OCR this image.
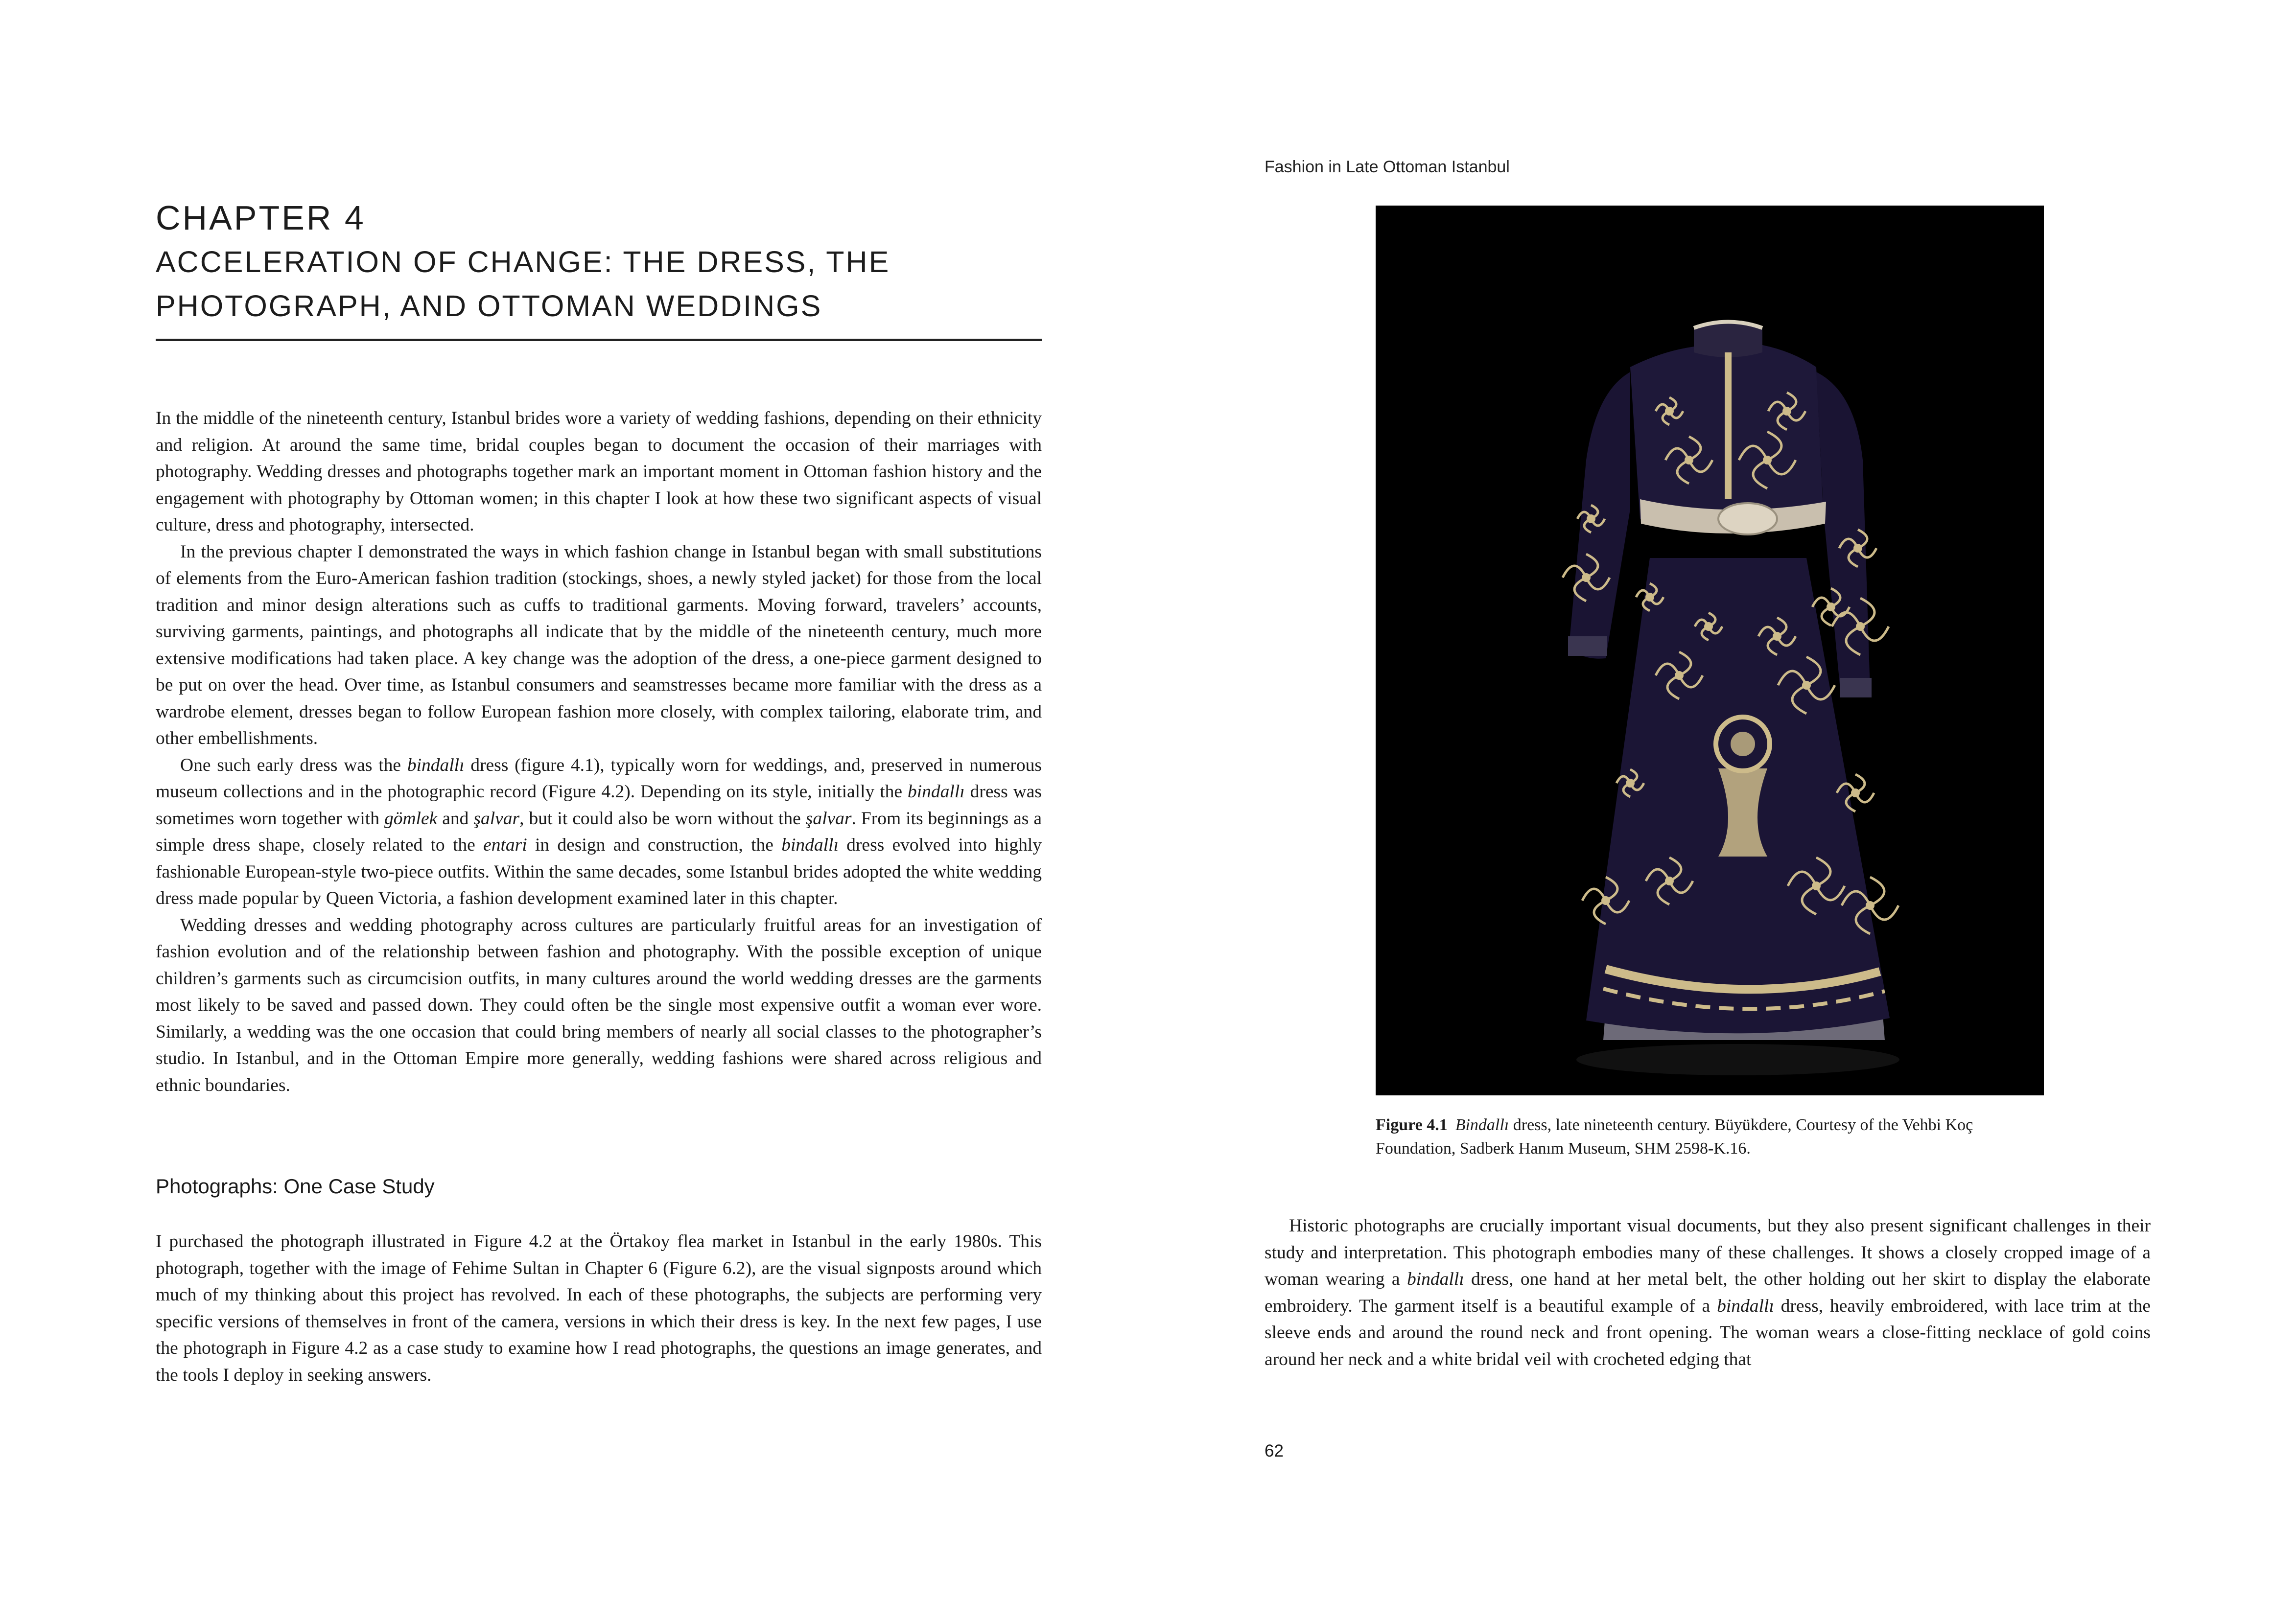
CHAPTER 4
ACCELERATION OF CHANGE: THE DRESS, THE PHOTOGRAPH, AND OTTOMAN WEDDINGS

In the middle of the nineteenth century, Istanbul brides wore a variety of wedding fashions, depending on their ethnicity and religion. At around the same time, bridal couples began to document the occasion of their marriages with photography. Wedding dresses and photographs together mark an important moment in Ottoman fashion history and the engagement with photography by Ottoman women; in this chapter I look at how these two significant aspects of visual culture, dress and photography, intersected.

In the previous chapter I demonstrated the ways in which fashion change in Istanbul began with small substitutions of elements from the Euro-American fashion tradition (stockings, shoes, a newly styled jacket) for those from the local tradition and minor design alterations such as cuffs to traditional garments. Moving forward, travelers’ accounts, surviving garments, paintings, and photographs all indicate that by the middle of the nineteenth century, much more extensive modifications had taken place. A key change was the adoption of the dress, a one-piece garment designed to be put on over the head. Over time, as Istanbul consumers and seamstresses became more familiar with the dress as a wardrobe element, dresses began to follow European fashion more closely, with complex tailoring, elaborate trim, and other embellishments.

One such early dress was the bindallı dress (figure 4.1), typically worn for weddings, and, preserved in numerous museum collections and in the photographic record (Figure 4.2). Depending on its style, initially the bindallı dress was sometimes worn together with gömlek and şalvar, but it could also be worn without the şalvar. From its beginnings as a simple dress shape, closely related to the entari in design and construction, the bindallı dress evolved into highly fashionable European-style two-piece outfits. Within the same decades, some Istanbul brides adopted the white wedding dress made popular by Queen Victoria, a fashion development examined later in this chapter.

Wedding dresses and wedding photography across cultures are particularly fruitful areas for an investigation of fashion evolution and of the relationship between fashion and photography. With the possible exception of unique children’s garments such as circumcision outfits, in many cultures around the world wedding dresses are the garments most likely to be saved and passed down. They could often be the single most expensive outfit a woman ever wore. Similarly, a wedding was the one occasion that could bring members of nearly all social classes to the photographer’s studio. In Istanbul, and in the Ottoman Empire more generally, wedding fashions were shared across religious and ethnic boundaries.

Photographs: One Case Study

I purchased the photograph illustrated in Figure 4.2 at the Örtakoy flea market in Istanbul in the early 1980s. This photograph, together with the image of Fehime Sultan in Chapter 6 (Figure 6.2), are the visual signposts around which much of my thinking about this project has revolved. In each of these photographs, the subjects are performing very specific versions of themselves in front of the camera, versions in which their dress is key. In the next few pages, I use the photograph in Figure 4.2 as a case study to examine how I read photographs, the questions an image generates, and the tools I deploy in seeking answers.

Fashion in Late Ottoman Istanbul

Figure 4.1 Bindallı dress, late nineteenth century. Büyükdere, Courtesy of the Vehbi Koç Foundation, Sadberk Hanım Museum, SHM 2598-K.16.

Historic photographs are crucially important visual documents, but they also present significant challenges in their study and interpretation. This photograph embodies many of these challenges. It shows a closely cropped image of a woman wearing a bindallı dress, one hand at her metal belt, the other holding out her skirt to display the elaborate embroidery. The garment itself is a beautiful example of a bindallı dress, heavily embroidered, with lace trim at the sleeve ends and around the round neck and front opening. The woman wears a close-fitting necklace of gold coins around her neck and a white bridal veil with crocheted edging that

62
